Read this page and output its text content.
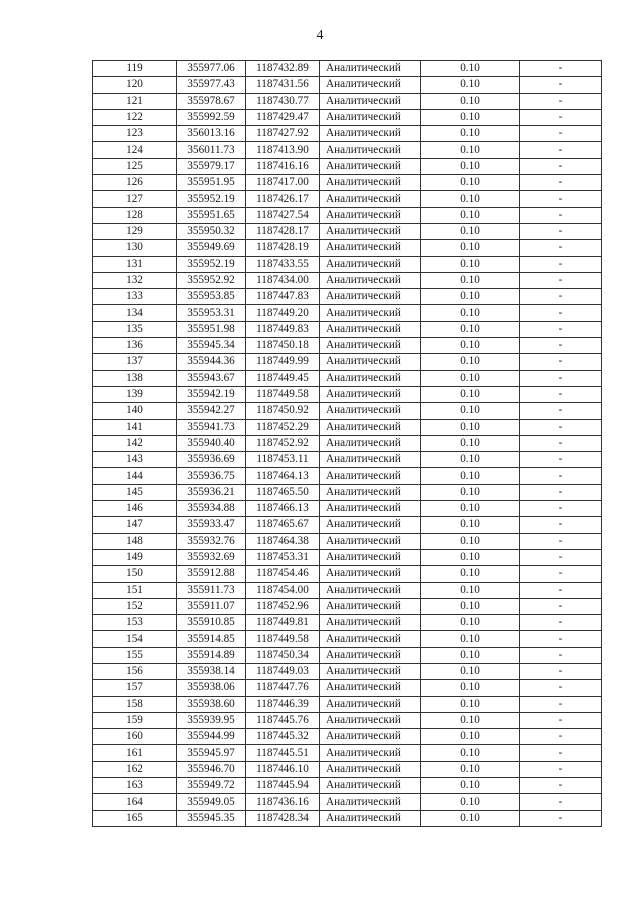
4
119	355977.06	1187432.89	Аналитический	0.10	-
120	355977.43	1187431.56	Аналитический	0.10	-
121	355978.67	1187430.77	Аналитический	0.10	-
122	355992.59	1187429.47	Аналитический	0.10	-
123	356013.16	1187427.92	Аналитический	0.10	-
124	356011.73	1187413.90	Аналитический	0.10	-
125	355979.17	1187416.16	Аналитический	0.10	-
126	355951.95	1187417.00	Аналитический	0.10	-
127	355952.19	1187426.17	Аналитический	0.10	-
128	355951.65	1187427.54	Аналитический	0.10	-
129	355950.32	1187428.17	Аналитический	0.10	-
130	355949.69	1187428.19	Аналитический	0.10	-
131	355952.19	1187433.55	Аналитический	0.10	-
132	355952.92	1187434.00	Аналитический	0.10	-
133	355953.85	1187447.83	Аналитический	0.10	-
134	355953.31	1187449.20	Аналитический	0.10	-
135	355951.98	1187449.83	Аналитический	0.10	-
136	355945.34	1187450.18	Аналитический	0.10	-
137	355944.36	1187449.99	Аналитический	0.10	-
138	355943.67	1187449.45	Аналитический	0.10	-
139	355942.19	1187449.58	Аналитический	0.10	-
140	355942.27	1187450.92	Аналитический	0.10	-
141	355941.73	1187452.29	Аналитический	0.10	-
142	355940.40	1187452.92	Аналитический	0.10	-
143	355936.69	1187453.11	Аналитический	0.10	-
144	355936.75	1187464.13	Аналитический	0.10	-
145	355936.21	1187465.50	Аналитический	0.10	-
146	355934.88	1187466.13	Аналитический	0.10	-
147	355933.47	1187465.67	Аналитический	0.10	-
148	355932.76	1187464.38	Аналитический	0.10	-
149	355932.69	1187453.31	Аналитический	0.10	-
150	355912.88	1187454.46	Аналитический	0.10	-
151	355911.73	1187454.00	Аналитический	0.10	-
152	355911.07	1187452.96	Аналитический	0.10	-
153	355910.85	1187449.81	Аналитический	0.10	-
154	355914.85	1187449.58	Аналитический	0.10	-
155	355914.89	1187450.34	Аналитический	0.10	-
156	355938.14	1187449.03	Аналитический	0.10	-
157	355938.06	1187447.76	Аналитический	0.10	-
158	355938.60	1187446.39	Аналитический	0.10	-
159	355939.95	1187445.76	Аналитический	0.10	-
160	355944.99	1187445.32	Аналитический	0.10	-
161	355945.97	1187445.51	Аналитический	0.10	-
162	355946.70	1187446.10	Аналитический	0.10	-
163	355949.72	1187445.94	Аналитический	0.10	-
164	355949.05	1187436.16	Аналитический	0.10	-
165	355945.35	1187428.34	Аналитический	0.10	-
